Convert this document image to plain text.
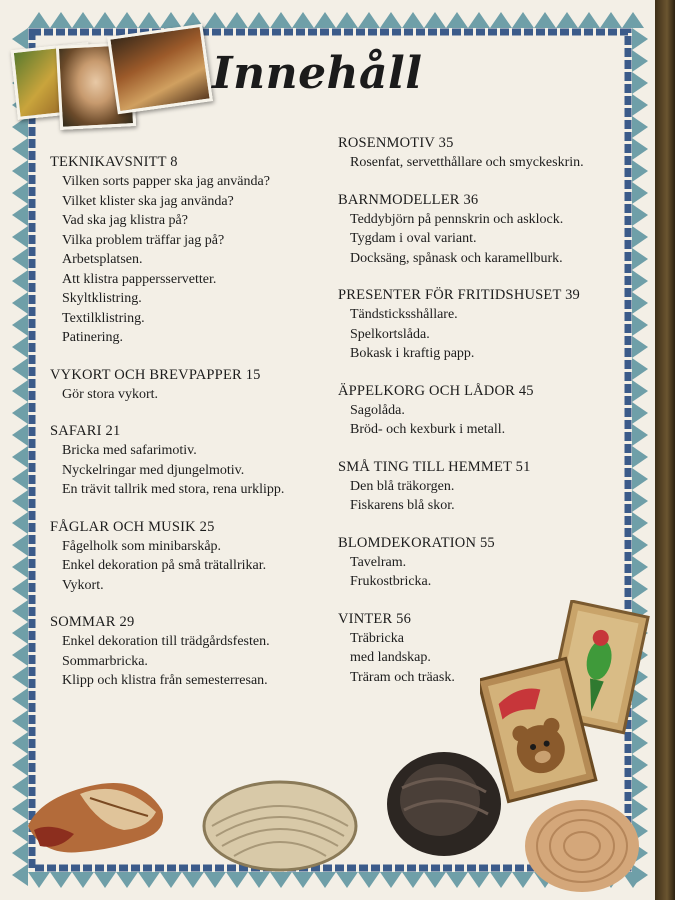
Innehåll
TEKNIKAVSNITT 8
Vilken sorts papper ska jag använda?
Vilket klister ska jag använda?
Vad ska jag klistra på?
Vilka problem träffar jag på?
Arbetsplatsen.
Att klistra pappersservetter.
Skyltklistring.
Textilklistring.
Patinering.
VYKORT OCH BREVPAPPER 15
Gör stora vykort.
SAFARI 21
Bricka med safarimotiv.
Nyckelringar med djungelmotiv.
En trävit tallrik med stora, rena urklipp.
FÅGLAR OCH MUSIK 25
Fågelholk som minibarskåp.
Enkel dekoration på små trätallrikar.
Vykort.
SOMMAR 29
Enkel dekoration till trädgårdsfesten.
Sommarbricka.
Klipp och klistra från semesterresan.
ROSENMOTIV 35
Rosenfat, servetthållare och smyckeskrin.
BARNMODELLER 36
Teddybjörn på pennskrin och asklock.
Tygdam i oval variant.
Docksäng, spånask och karamellburk.
PRESENTER FÖR FRITIDSHUSET 39
Tändsticksshållare.
Spelkortslåda.
Bokask i kraftig papp.
ÄPPELKORG OCH LÅDOR 45
Sagolåda.
Bröd- och kexburk i metall.
SMÅ TING TILL HEMMET 51
Den blå träkorgen.
Fiskarens blå skor.
BLOMDEKORATION 55
Tavelram.
Frukostbricka.
VINTER 56
Träbricka
med landskap.
Träram och träask.
